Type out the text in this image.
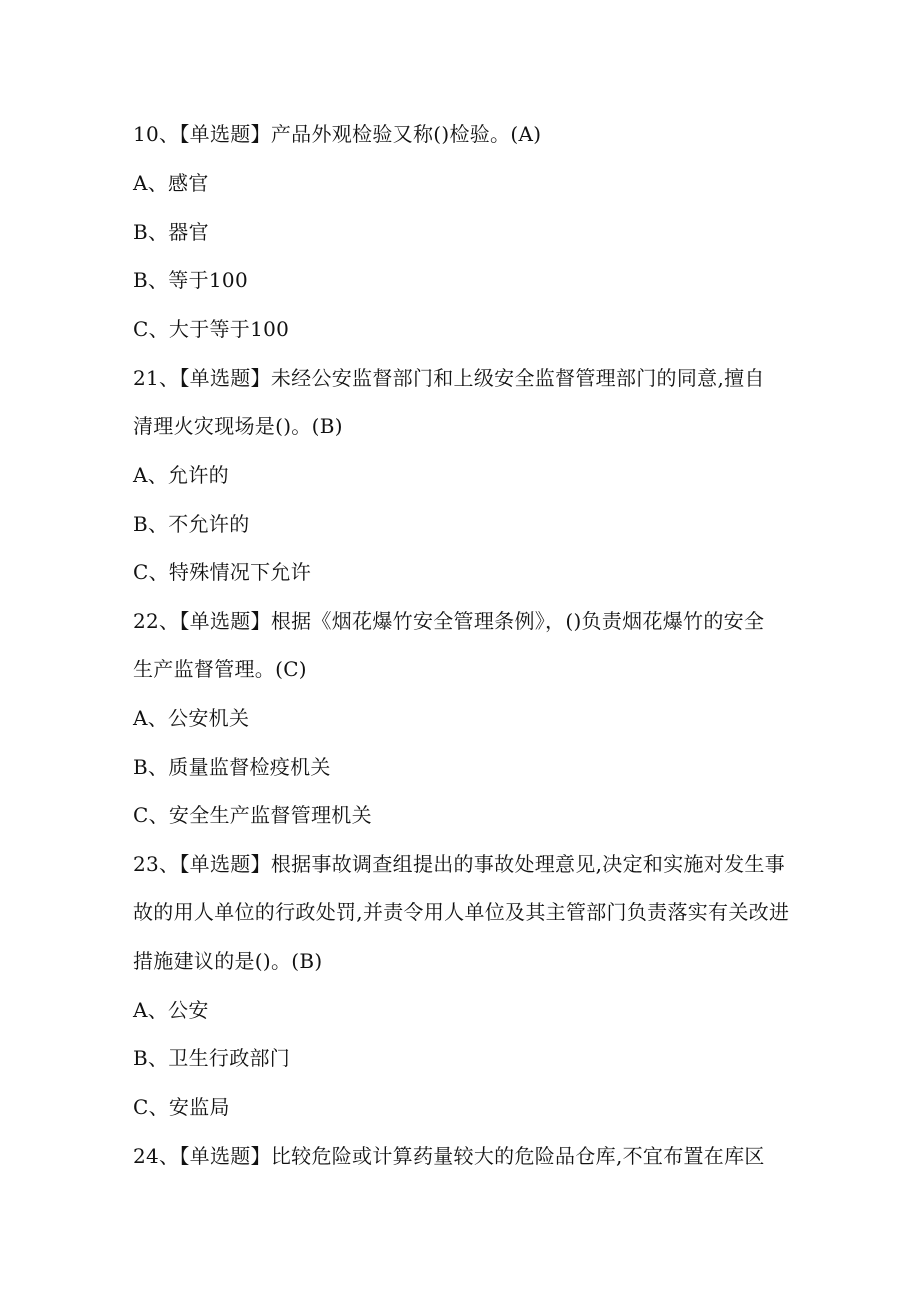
10、【单选题】产品外观检验又称()检验。(A)

A、感官

B、器官

B、等于100

C、大于等于100

21、【单选题】未经公安监督部门和上级安全监督管理部门的同意,擅自

清理火灾现场是()。(B)

A、允许的

B、不允许的

C、特殊情况下允许

22、【单选题】根据《烟花爆竹安全管理条例》，()负责烟花爆竹的安全

生产监督管理。(C)

A、公安机关

B、质量监督检疫机关

C、安全生产监督管理机关

23、【单选题】根据事故调查组提出的事故处理意见,决定和实施对发生事

故的用人单位的行政处罚,并责令用人单位及其主管部门负责落实有关改进

措施建议的是()。(B)

A、公安

B、卫生行政部门

C、安监局

24、【单选题】比较危险或计算药量较大的危险品仓库,不宜布置在库区
